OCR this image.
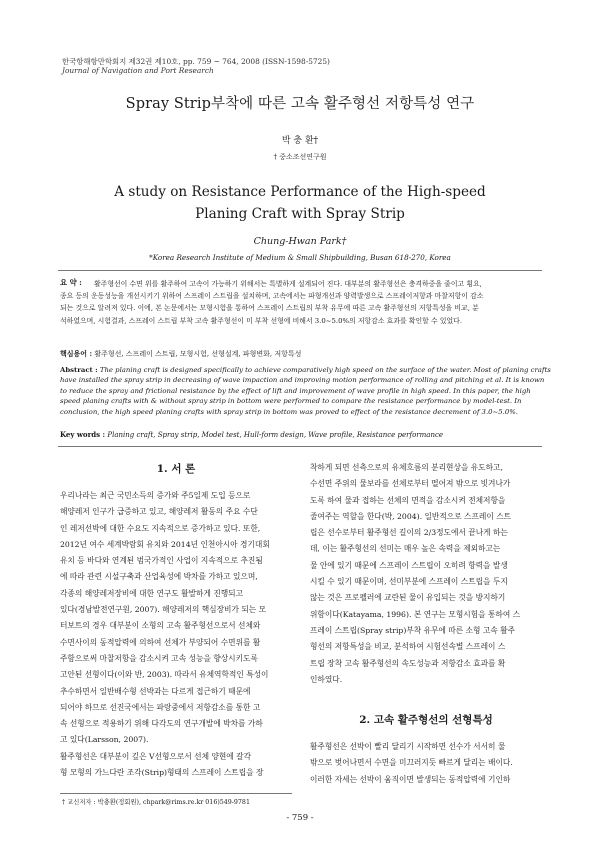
한국항해항만학회지 제32권 제10호, pp. 759 ~ 764, 2008 (ISSN-1598-5725)
Journal of Navigation and Port Research
Spray Strip부착에 따른 고속 활주형선 저항특성 연구
박 충 환†
† 중소조선연구원
A study on Resistance Performance of the High-speed
Planing Craft with Spray Strip
Chung-Hwan Park†
*Korea Research Institute of Medium & Small Shipbuilding, Busan 618-270, Korea
요 약 : 활주형선이 수면 위를 활주하여 고속이 가능하기 위해서는 특별하게 설계되어 진다. 대부분의 활주형선은 충격하중을 줄이고 횡요,
종요 등의 운동성능을 개선시키기 위하여 스프레이 스트립을 설치하며, 고속에서는 파형개선과 양력발생으로 스프레이저항과 마찰저항이 감소
되는 것으로 알려져 있다. 이에, 본 논문에서는 모형시험을 통하여 스프레이 스트립의 부착 유무에 따른 고속 활주형선의 저항특성을 비교, 분
석하였으며, 시험결과, 스프레이 스트립 부착 고속 활주형선이 미 부착 선형에 비해서 3.0~5.0%의 저항감소 효과를 확인할 수 있었다.
핵심용어 : 활주형선, 스프레이 스트립, 모형시험, 선형설계, 파형변화, 저항특성
Abstract : The planing craft is designed specifically to achieve comparatively high speed on the surface of the water. Most of planing crafts
have installed the spray strip in decreasing of wave impaction and improving motion performance of rolling and pitching et al. It is known
to reduce the spray and frictional resistance by the effect of lift and improvement of wave profile in high speed. In this paper, the high
speed planing crafts with & without spray strip in bottom were performed to compare the resistance performance by model-test. In
conclusion, the high speed planing crafts with spray strip in bottom was proved to effect of the resistance decrement of 3.0~5.0%.
Key words : Planing craft, Spray strip, Model test, Hull-form design, Wave profile, Resistance performance
1. 서 론
우리나라는 최근 국민소득의 증가와 주5일제 도입 등으로
해양레저 인구가 급증하고 있고, 해양레저 활동의 주요 수단
인 레저선박에 대한 수요도 지속적으로 증가하고 있다. 또한,
2012년 여수 세계박람회 유치와 2014년 인천아시아 경기대회
유치 등 바다와 연계된 범국가적인 사업이 지속적으로 추진됨
에 따라 관련 시설구축과 산업육성에 박차를 가하고 있으며,
각종의 해양레저장비에 대한 연구도 활발하게 진행되고
있다(경남발전연구원, 2007). 해양레저의 핵심장비가 되는 모
터보트의 경우 대부분이 소형의 고속 활주형선으로서 선체와
수면사이의 동적압력에 의하여 선체가 부양되어 수면위를 활
주함으로써 마찰저항을 감소시켜 고속 성능을 향상시키도록
고안된 선형이다(이와 반, 2003). 따라서 유체역학적인 특성이
추수하면서 일반배수형 선박과는 다르게 접근하기 때문에
되어야 하므로 선진국에서는 파랑중에서 저항감소를 통한 고
속 선형으로 적용하기 위해 다각도의 연구개발에 박차를 가하
고 있다(Larsson, 2007).
활주형선은 대부분이 깊은 V선형으로서 선체 양현에 갈각
형 모형의 가느다란 조각(Strip)형태의 스프레이 스트립을 장
착하게 되면 선측으로의 유체흐름의 분리현상을 유도하고,
수선면 주위의 물보라를 선체로부터 떨어져 밖으로 빗겨나가
도록 하여 물과 접하는 선체의 면적을 감소시켜 전체저항을
줄여주는 역할을 한다(박, 2004). 일반적으로 스프레이 스트
립은 선수로부터 활주형선 길이의 2/3정도에서 끝나게 하는
데, 이는 활주형선의 선미는 매우 높은 속력을 제외하고는
물 안에 있기 때문에 스프레이 스트립이 오히려 항력을 발생
시킬 수 있기 때문이며, 선미부분에 스프레이 스트립을 두지
않는 것은 프로펠러에 교란된 물이 유입되는 것을 방지하기
위함이다(Katayama, 1996). 본 연구는 모형시험을 통하여 스
프레이 스트립(Spray strip)부착 유무에 따른 소형 고속 활주
형선의 저항특성을 비교, 분석하여 시험선속별 스프레이 스
트립 장착 고속 활주형선의 속도성능과 저항감소 효과를 확
인하였다.
2. 고속 활주형선의 선형특성
활주형선은 선박이 빨리 달리기 시작하면 선수가 서서히 물
밖으로 벗어나면서 수면을 미끄러지듯 빠르게 달리는 배이다.
이러한 자세는 선박이 움직이면 발생되는 동적압력에 기인하
† 교신저자 : 박충환(정회원), chpark@rims.re.kr 016)549-9781
- 759 -
